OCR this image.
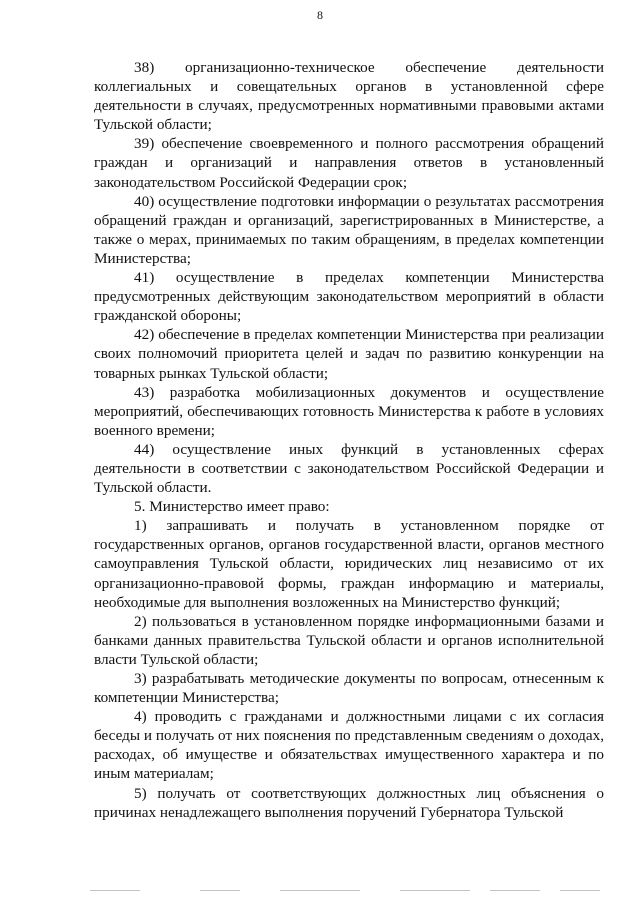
8

38) организационно-техническое обеспечение деятельности коллегиальных и совещательных органов в установленной сфере деятельности в случаях, предусмотренных нормативными правовыми актами Тульской области;

39) обеспечение своевременного и полного рассмотрения обращений граждан и организаций и направления ответов в установленный законодательством Российской Федерации срок;

40) осуществление подготовки информации о результатах рассмотрения обращений граждан и организаций, зарегистрированных в Министерстве, а также о мерах, принимаемых по таким обращениям, в пределах компетенции Министерства;

41) осуществление в пределах компетенции Министерства предусмотренных действующим законодательством мероприятий в области гражданской обороны;

42) обеспечение в пределах компетенции Министерства при реализации своих полномочий приоритета целей и задач по развитию конкуренции на товарных рынках Тульской области;

43) разработка мобилизационных документов и осуществление мероприятий, обеспечивающих готовность Министерства к работе в условиях военного времени;

44) осуществление иных функций в установленных сферах деятельности в соответствии с законодательством Российской Федерации и Тульской области.

5. Министерство имеет право:

1) запрашивать и получать в установленном порядке от государственных органов, органов государственной власти, органов местного самоуправления Тульской области, юридических лиц независимо от их организационно-правовой формы, граждан информацию и материалы, необходимые для выполнения возложенных на Министерство функций;

2) пользоваться в установленном порядке информационными базами и банками данных правительства Тульской области и органов исполнительной власти Тульской области;

3) разрабатывать методические документы по вопросам, отнесенным к компетенции Министерства;

4) проводить с гражданами и должностными лицами с их согласия беседы и получать от них пояснения по представленным сведениям о доходах, расходах, об имуществе и обязательствах имущественного характера и по иным материалам;

5) получать от соответствующих должностных лиц объяснения о причинах ненадлежащего выполнения поручений Губернатора Тульской
